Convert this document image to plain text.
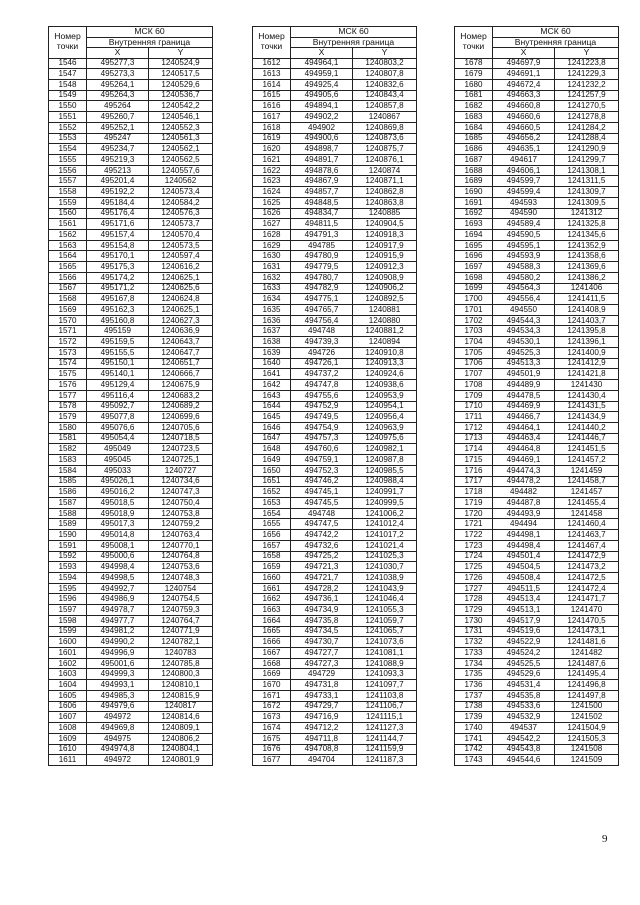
Номер
точки	МСК 60	
	Внутренняя граница	
	X	Y
1546	495277,3	1240524,9
1547	495273,3	1240517,5
1548	495264,1	1240529,6
1549	495264,3	1240536,7
1550	495264	1240542,2
1551	495260,7	1240546,1
1552	495252,1	1240552,3
1553	495247	1240561,3
1554	495234,7	1240562,1
1555	495219,3	1240562,5
1556	495213	1240557,6
1557	495201,4	1240562
1558	495192,2	1240573,4
1559	495184,4	1240584,2
1560	495176,4	1240576,3
1561	495171,6	1240573,7
1562	495157,4	1240570,4
1563	495154,8	1240573,5
1564	495170,1	1240597,4
1565	495175,3	1240616,2
1566	495174,2	1240625,1
1567	495171,2	1240625,6
1568	495167,8	1240624,8
1569	495162,3	1240625,1
1570	495160,8	1240627,3
1571	495159	1240636,9
1572	495159,5	1240643,7
1573	495155,5	1240647,7
1574	495150,1	1240651,7
1575	495140,1	1240666,7
1576	495129,4	1240675,9
1577	495116,4	1240683,2
1578	495092,7	1240689,2
1579	495077,8	1240699,6
1580	495076,6	1240705,6
1581	495054,4	1240718,5
1582	495049	1240723,5
1583	495045	1240725,1
1584	495033	1240727
1585	495026,1	1240734,6
1586	495016,2	1240747,3
1587	495018,5	1240750,4
1588	495018,9	1240753,8
1589	495017,3	1240759,2
1590	495014,8	1240763,4
1591	495008,1	1240770,1
1592	495000,6	1240764,8
1593	494998,4	1240753,6
1594	494998,5	1240748,3
1595	494992,7	1240754
1596	494986,9	1240754,5
1597	494978,7	1240759,3
1598	494977,7	1240764,7
1599	494981,2	1240771,9
1600	494990,2	1240782,1
1601	494996,9	1240783
1602	495001,6	1240785,8
1603	494999,3	1240800,3
1604	494993,1	1240810,1
1605	494985,3	1240815,9
1606	494979,6	1240817
1607	494972	1240814,6
1608	494969,8	1240809,1
1609	494975	1240806,2
1610	494974,8	1240804,1
1611	494972	1240801,9
Номер
точки	МСК 60	
	Внутренняя граница	
	X	Y
1612	494964,1	1240803,2
1613	494959,1	1240807,8
1614	494925,4	1240832,6
1615	494905,6	1240843,4
1616	494894,1	1240857,8
1617	494902,2	1240867
1618	494902	1240869,8
1619	494900,6	1240873,6
1620	494898,7	1240875,7
1621	494891,7	1240876,1
1622	494878,6	1240874
1623	494867,9	1240871,1
1624	494857,7	1240862,8
1625	494848,5	1240863,8
1626	494834,7	1240885
1627	494811,5	1240904,5
1628	494791,3	1240918,3
1629	494785	1240917,9
1630	494780,9	1240915,9
1631	494779,5	1240912,3
1632	494780,7	1240908,9
1633	494782,9	1240906,2
1634	494775,1	1240892,5
1635	494765,7	1240881
1636	494756,4	1240880
1637	494748	1240881,2
1638	494739,3	1240894
1639	494726	1240910,8
1640	494726,1	1240913,3
1641	494737,2	1240924,6
1642	494747,8	1240938,6
1643	494755,6	1240953,9
1644	494752,9	1240954,1
1645	494749,5	1240956,4
1646	494754,9	1240963,9
1647	494757,3	1240975,6
1648	494760,6	1240982,1
1649	494759,1	1240987,8
1650	494752,3	1240985,5
1651	494746,2	1240988,4
1652	494745,1	1240991,7
1653	494745,5	1240999,5
1654	494748	1241006,2
1655	494747,5	1241012,4
1656	494742,2	1241017,2
1657	494732,6	1241021,4
1658	494725,2	1241025,3
1659	494721,3	1241030,7
1660	494721,7	1241038,9
1661	494728,2	1241043,9
1662	494736,1	1241046,4
1663	494734,9	1241055,3
1664	494735,8	1241059,7
1665	494734,5	1241065,7
1666	494730,7	1241073,6
1667	494727,7	1241081,1
1668	494727,3	1241088,9
1669	494729	1241093,3
1670	494731,8	1241097,7
1671	494733,1	1241103,8
1672	494729,7	1241106,7
1673	494716,9	1241115,1
1674	494712,2	1241127,3
1675	494711,8	1241144,7
1676	494708,8	1241159,9
1677	494704	1241187,3
Номер
точки	МСК 60	
	Внутренняя граница	
	X	Y
1678	494697,9	1241223,8
1679	494691,1	1241229,3
1680	494672,4	1241232,2
1681	494663,3	1241257,9
1682	494660,8	1241270,5
1683	494660,6	1241278,8
1684	494660,5	1241284,2
1685	494656,2	1241288,4
1686	494635,1	1241290,9
1687	494617	1241299,7
1688	494606,1	1241308,1
1689	494599,7	1241311,5
1690	494599,4	1241309,7
1691	494593	1241309,5
1692	494590	1241312
1693	494589,4	1241325,8
1694	494590,5	1241345,6
1695	494595,1	1241352,9
1696	494593,9	1241358,6
1697	494588,3	1241369,6
1698	494580,2	1241386,2
1699	494564,3	1241406
1700	494556,4	1241411,5
1701	494550	1241408,9
1702	494544,3	1241403,7
1703	494534,3	1241395,8
1704	494530,1	1241396,1
1705	494525,3	1241400,9
1706	494513,3	1241412,9
1707	494501,9	1241421,8
1708	494489,9	1241430
1709	494478,5	1241430,4
1710	494469,9	1241431,5
1711	494466,7	1241434,9
1712	494464,1	1241440,2
1713	494463,4	1241446,7
1714	494464,8	1241451,5
1715	494469,1	1241457,2
1716	494474,3	1241459
1717	494478,2	1241458,7
1718	494482	1241457
1719	494487,8	1241455,4
1720	494493,9	1241458
1721	494494	1241460,4
1722	494498,1	1241463,7
1723	494498,4	1241467,4
1724	494501,4	1241472,9
1725	494504,5	1241473,2
1726	494508,4	1241472,5
1727	494511,5	1241472,4
1728	494513,4	1241471,7
1729	494513,1	1241470
1730	494517,9	1241470,5
1731	494519,6	1241473,1
1732	494522,9	1241481,6
1733	494524,2	1241482
1734	494525,5	1241487,6
1735	494529,6	1241495,4
1736	494531,4	1241496,8
1737	494535,8	1241497,8
1738	494533,6	1241500
1739	494532,9	1241502
1740	494537	1241504,9
1741	494542,2	1241505,3
1742	494543,8	1241508
1743	494544,6	1241509
9
